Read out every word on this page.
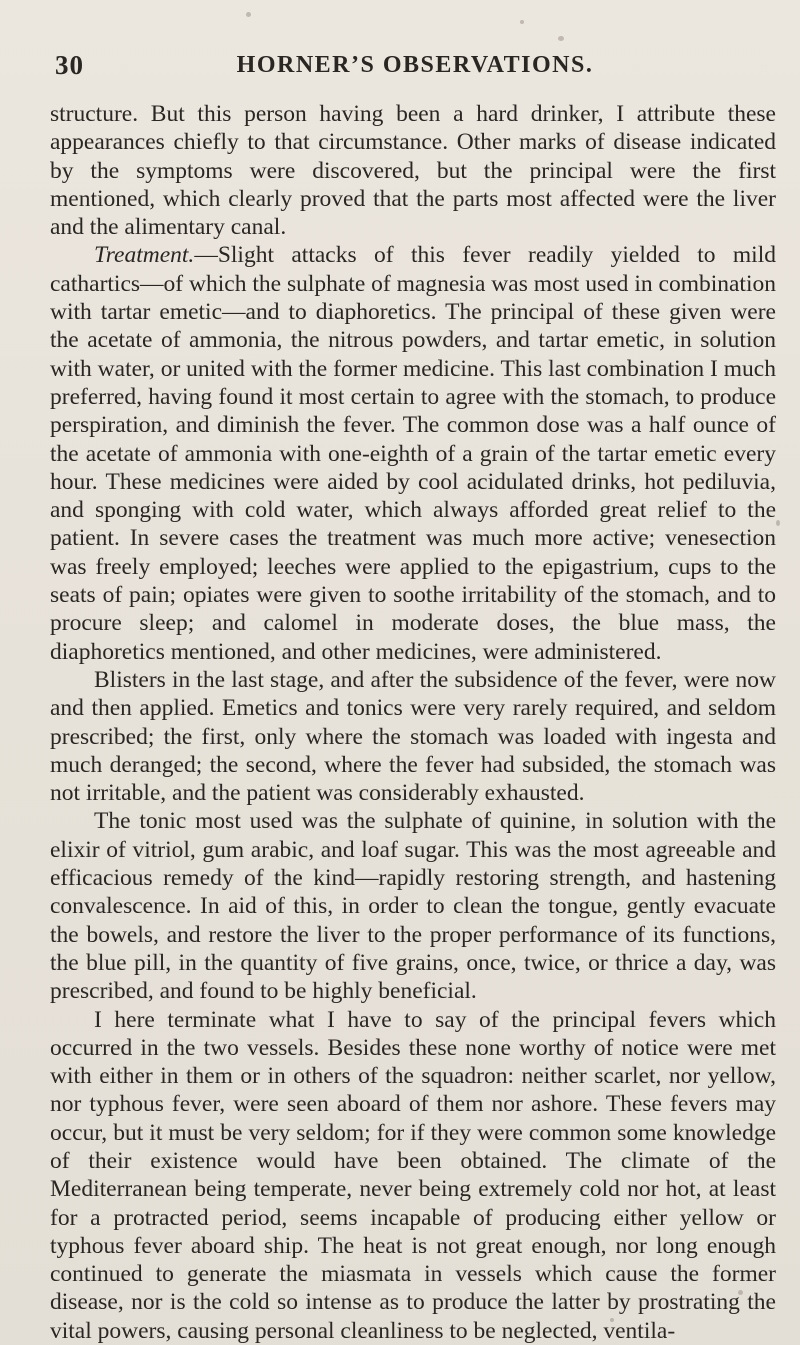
30	HORNER’S OBSERVATIONS.

structure. But this person having been a hard drinker, I attribute these appearances chiefly to that circumstance. Other marks of disease indicated by the symptoms were discovered, but the principal were the first mentioned, which clearly proved that the parts most affected were the liver and the alimentary canal.

Treatment.—Slight attacks of this fever readily yielded to mild cathartics—of which the sulphate of magnesia was most used in combination with tartar emetic—and to diaphoretics. The principal of these given were the acetate of ammonia, the nitrous powders, and tartar emetic, in solution with water, or united with the former medicine. This last combination I much preferred, having found it most certain to agree with the stomach, to produce perspiration, and diminish the fever. The common dose was a half ounce of the acetate of ammonia with one-eighth of a grain of the tartar emetic every hour. These medicines were aided by cool acidulated drinks, hot pediluvia, and sponging with cold water, which always afforded great relief to the patient. In severe cases the treatment was much more active; venesection was freely employed; leeches were applied to the epigastrium, cups to the seats of pain; opiates were given to soothe irritability of the stomach, and to procure sleep; and calomel in moderate doses, the blue mass, the diaphoretics mentioned, and other medicines, were administered.

Blisters in the last stage, and after the subsidence of the fever, were now and then applied. Emetics and tonics were very rarely required, and seldom prescribed; the first, only where the stomach was loaded with ingesta and much deranged; the second, where the fever had subsided, the stomach was not irritable, and the patient was considerably exhausted.

The tonic most used was the sulphate of quinine, in solution with the elixir of vitriol, gum arabic, and loaf sugar. This was the most agreeable and efficacious remedy of the kind—rapidly restoring strength, and hastening convalescence. In aid of this, in order to clean the tongue, gently evacuate the bowels, and restore the liver to the proper performance of its functions, the blue pill, in the quantity of five grains, once, twice, or thrice a day, was prescribed, and found to be highly beneficial.

I here terminate what I have to say of the principal fevers which occurred in the two vessels. Besides these none worthy of notice were met with either in them or in others of the squadron: neither scarlet, nor yellow, nor typhous fever, were seen aboard of them nor ashore. These fevers may occur, but it must be very seldom; for if they were common some knowledge of their existence would have been obtained. The climate of the Mediterranean being temperate, never being extremely cold nor hot, at least for a protracted period, seems incapable of producing either yellow or typhous fever aboard ship. The heat is not great enough, nor long enough continued to generate the miasmata in vessels which cause the former disease, nor is the cold so intense as to produce the latter by prostrating the vital powers, causing personal cleanliness to be neglected, ventila-
